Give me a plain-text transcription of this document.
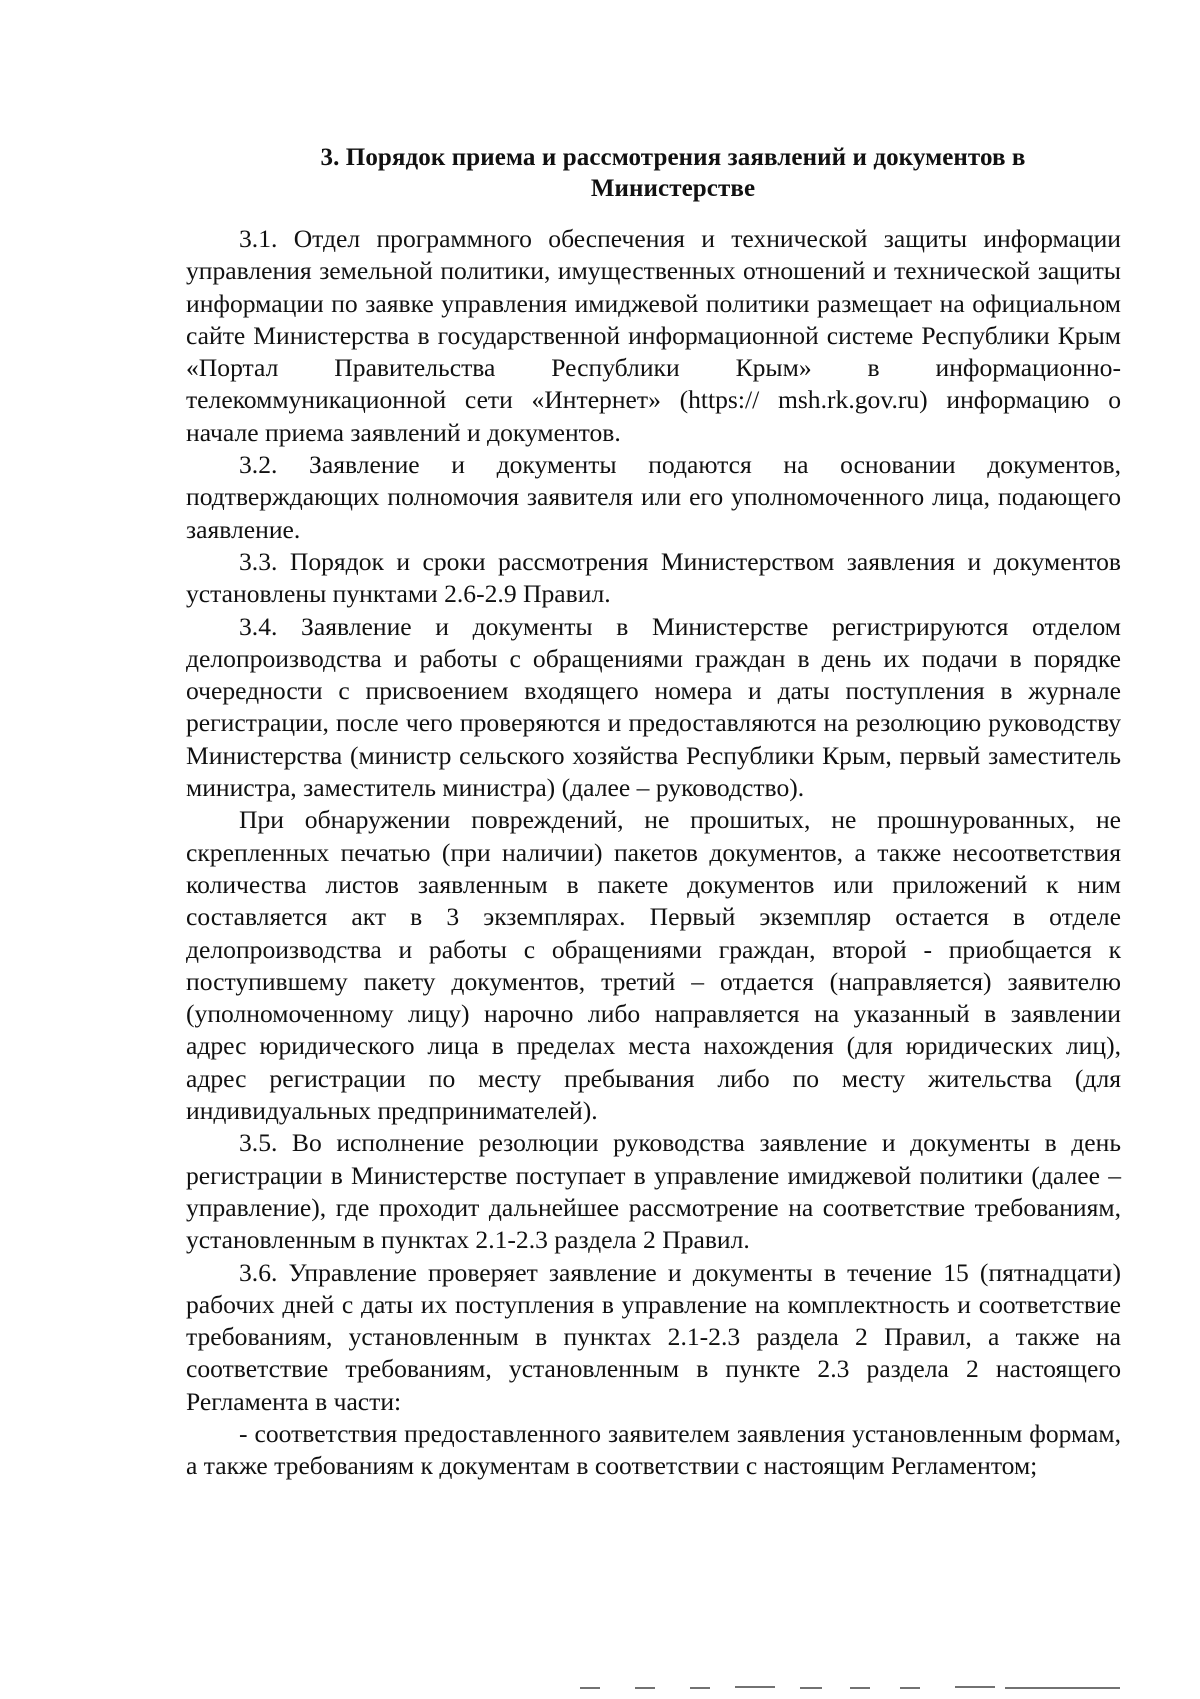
3. Порядок приема и рассмотрения заявлений и документов в Министерстве

3.1. Отдел программного обеспечения и технической защиты информации управления земельной политики, имущественных отношений и технической защиты информации по заявке управления имиджевой политики размещает на официальном сайте Министерства в государственной информационной системе Республики Крым «Портал Правительства Республики Крым» в информационно-телекоммуникационной сети «Интернет» (https:// msh.rk.gov.ru) информацию о начале приема заявлений и документов.

3.2. Заявление и документы подаются на основании документов, подтверждающих полномочия заявителя или его уполномоченного лица, подающего заявление.

3.3. Порядок и сроки рассмотрения Министерством заявления и документов установлены пунктами 2.6-2.9 Правил.

3.4. Заявление и документы в Министерстве регистрируются отделом делопроизводства и работы с обращениями граждан в день их подачи в порядке очередности с присвоением входящего номера и даты поступления в журнале регистрации, после чего проверяются и предоставляются на резолюцию руководству Министерства (министр сельского хозяйства Республики Крым, первый заместитель министра, заместитель министра) (далее – руководство).

При обнаружении повреждений, не прошитых, не прошнурованных, не скрепленных печатью (при наличии) пакетов документов, а также несоответствия количества листов заявленным в пакете документов или приложений к ним составляется акт в 3 экземплярах. Первый экземпляр остается в отделе делопроизводства и работы с обращениями граждан, второй - приобщается к поступившему пакету документов, третий – отдается (направляется) заявителю (уполномоченному лицу) нарочно либо направляется на указанный в заявлении адрес юридического лица в пределах места нахождения (для юридических лиц), адрес регистрации по месту пребывания либо по месту жительства (для индивидуальных предпринимателей).

3.5. Во исполнение резолюции руководства заявление и документы в день регистрации в Министерстве поступает в управление имиджевой политики (далее – управление), где проходит дальнейшее рассмотрение на соответствие требованиям, установленным в пунктах 2.1-2.3 раздела 2 Правил.

3.6. Управление проверяет заявление и документы в течение 15 (пятнадцати) рабочих дней с даты их поступления в управление на комплектность и соответствие требованиям, установленным в пунктах 2.1-2.3 раздела 2 Правил, а также на соответствие требованиям, установленным в пункте 2.3 раздела 2 настоящего Регламента в части:

- соответствия предоставленного заявителем заявления установленным формам, а также требованиям к документам в соответствии с настоящим Регламентом;
